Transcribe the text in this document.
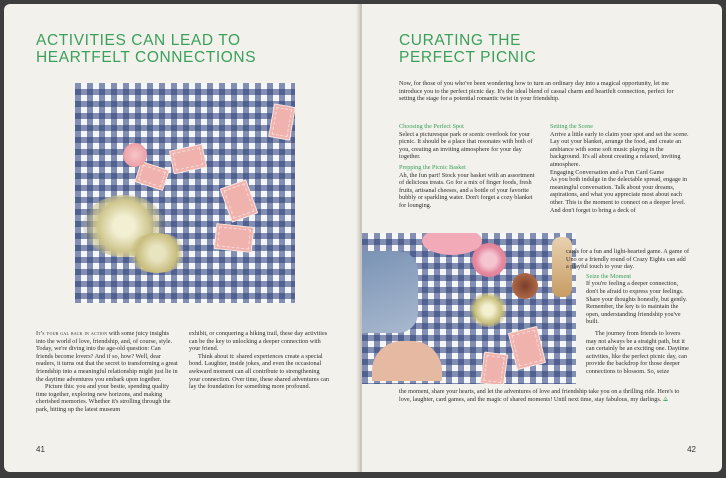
ACTIVITIES CAN LEAD TO
HEARTFELT CONNECTIONS

It's your gal back in action with some juicy insights into the world of love, friendship, and, of course, style. Today, we're diving into the age-old question: Can friends become lovers? And if so, how? Well, dear readers, it turns out that the secret to transforming a great friendship into a meaningful relationship might just lie in the daytime adventures you embark upon together.

Picture this: you and your bestie, spending quality time together, exploring new horizons, and making cherished memories. Whether it's strolling through the park, hitting up the latest museum

exhibit, or conquering a hiking trail, these day activities can be the key to unlocking a deeper connection with your friend.

Think about it: shared experiences create a special bond. Laughter, inside jokes, and even the occasional awkward moment can all contribute to strengthening your connection. Over time, these shared adventures can lay the foundation for something more profound.

41
CURATING THE
PERFECT PICNIC
Now, for those of you who've been wondering how to turn an ordinary day into a magical opportunity, let me introduce you to the perfect picnic day. It's the ideal blend of casual charm and heartfelt connection, perfect for setting the stage for a potential romantic twist in your friendship.
Choosing the Perfect Spot

Select a picturesque park or scenic overlook for your picnic. It should be a place that resonates with both of you, creating an inviting atmosphere for your day together.

Prepping the Picnic Basket

Ah, the fun part! Stock your basket with an assortment of delicious treats. Go for a mix of finger foods, fresh fruits, artisanal cheeses, and a bottle of your favorite bubbly or sparkling water. Don't forget a cozy blanket for lounging.

Setting the Scene

Arrive a little early to claim your spot and set the scene. Lay out your blanket, arrange the food, and create an ambiance with some soft music playing in the background. It's all about creating a relaxed, inviting atmosphere.

Engaging Conversation and a Fun Card Game

As you both indulge in the delectable spread, engage in meaningful conversation. Talk about your dreams, aspirations, and what you appreciate most about each other. This is the moment to connect on a deeper level. And don't forget to bring a deck of

cards for a fun and light-hearted game. A game of Uno or a friendly round of Crazy Eights can add a playful touch to your day.

Seize the Moment

If you're feeling a deeper connection, don't be afraid to express your feelings. Share your thoughts honestly, but gently. Remember, the key is to maintain the open, understanding friendship you've built.

The journey from friends to lovers may not always be a straight path, but it can certainly be an exciting one. Daytime activities, like the perfect picnic day, can provide the backdrop for those deeper connections to blossom. So, seize

the moment, share your hearts, and let the adventures of love and friendship take you on a thrilling ride. Here's to love, laughter, card games, and the magic of shared moments! Until next time, stay fabulous, my darlings. ⟁
42
